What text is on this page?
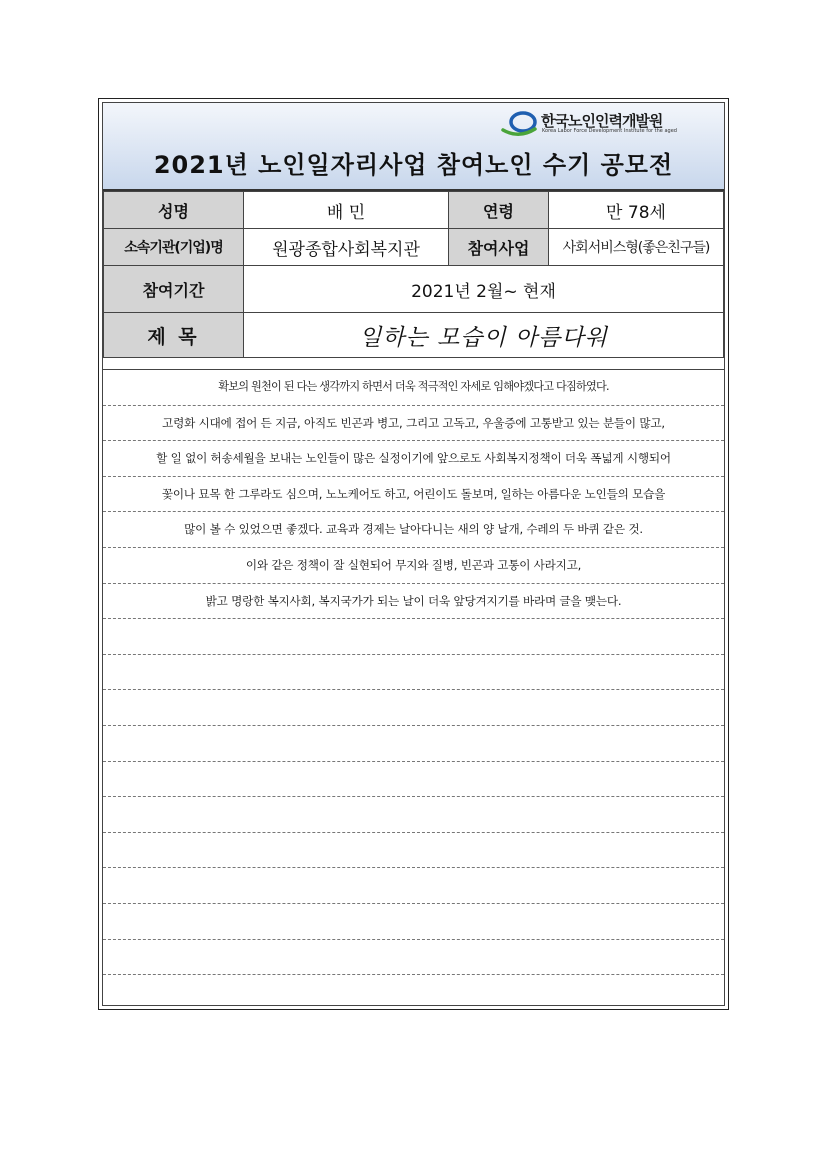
한국노인인력개발원
Korea Labor Force Development Institute for the aged
2021년 노인일자리사업 참여노인 수기 공모전
성명	배 민	연령	만 78세
소속기관(기업)명	원광종합사회복지관	참여사업	사회서비스형(좋은친구들)
참여기간	2021년 2월~ 현재		
제 목	일하는 모습이 아름다워		
확보의 원천이 된 다는 생각까지 하면서 더욱 적극적인 자세로 임해야겠다고 다짐하였다.
고령화 시대에 접어 든 지금, 아직도 빈곤과 병고, 그리고 고독고, 우울증에 고통받고 있는 분들이 많고,
할 일 없이 허송세월을 보내는 노인들이 많은 실정이기에 앞으로도 사회복지정책이 더욱 폭넓게 시행되어
꽃이나 묘목 한 그루라도 심으며, 노노케어도 하고, 어린이도 돌보며, 일하는 아름다운 노인들의 모습을
많이 볼 수 있었으면 좋겠다. 교육과 경제는 날아다니는 새의 양 날개, 수레의 두 바퀴 같은 것.
이와 같은 정책이 잘 실현되어 무지와 질병, 빈곤과 고통이 사라지고,
밝고 명랑한 복지사회, 복지국가가 되는 날이 더욱 앞당겨지기를 바라며 글을 맺는다.
